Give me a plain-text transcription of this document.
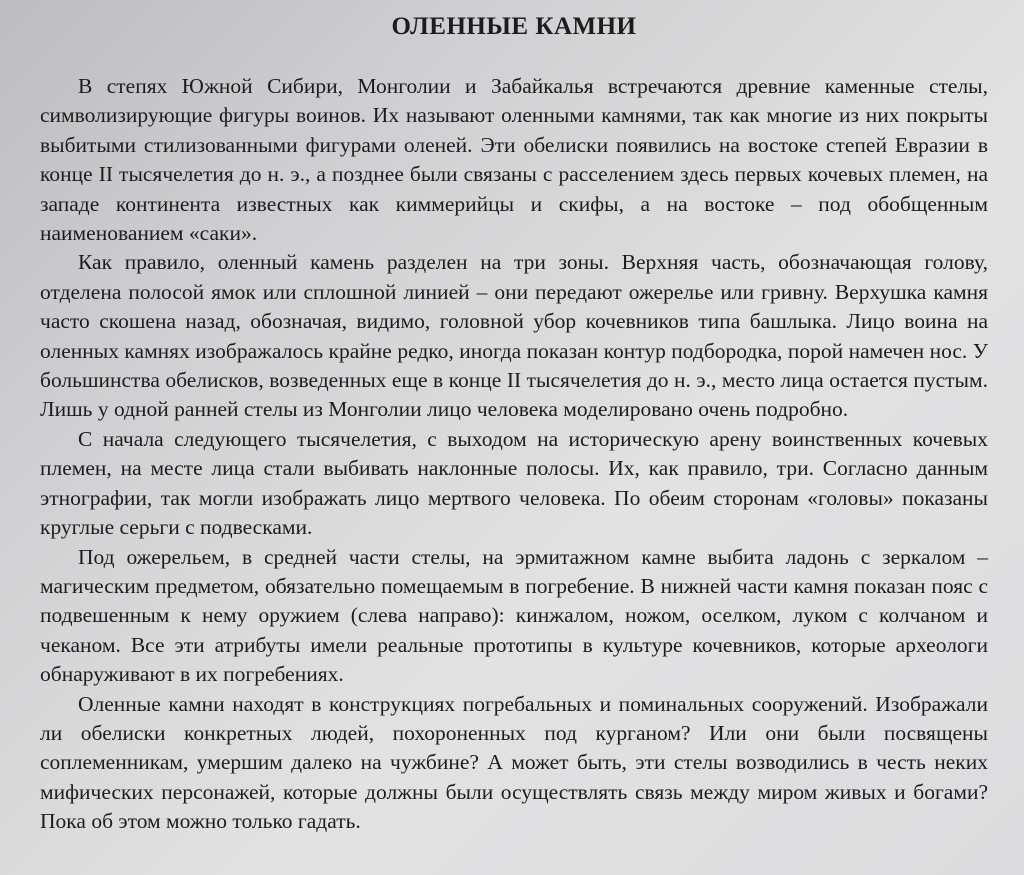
ОЛЕННЫЕ КАМНИ

В степях Южной Сибири, Монголии и Забайкалья встречаются древние каменные стелы, символизирующие фигуры воинов. Их называют оленными камнями, так как многие из них покрыты выбитыми стилизованными фигурами оленей. Эти обелиски появились на востоке степей Евразии в конце II тысячелетия до н. э., а позднее были связаны с расселением здесь первых кочевых племен, на западе континента известных как киммерийцы и скифы, а на востоке – под обобщенным наименованием «саки».

Как правило, оленный камень разделен на три зоны. Верхняя часть, обозначающая голову, отделена полосой ямок или сплошной линией – они передают ожерелье или гривну. Верхушка камня часто скошена назад, обозначая, видимо, головной убор кочевников типа башлыка. Лицо воина на оленных камнях изображалось крайне редко, иногда показан контур подбородка, порой намечен нос. У большинства обелисков, возведенных еще в конце II тысячелетия до н. э., место лица остается пустым. Лишь у одной ранней стелы из Монголии лицо человека моделировано очень подробно.

С начала следующего тысячелетия, с выходом на историческую арену воинственных кочевых племен, на месте лица стали выбивать наклонные полосы. Их, как правило, три. Согласно данным этнографии, так могли изображать лицо мертвого человека. По обеим сторонам «головы» показаны круглые серьги с подвесками.

Под ожерельем, в средней части стелы, на эрмитажном камне выбита ладонь с зеркалом – магическим предметом, обязательно помещаемым в погребение. В нижней части камня показан пояс с подвешенным к нему оружием (слева направо): кинжалом, ножом, оселком, луком с колчаном и чеканом. Все эти атрибуты имели реальные прототипы в культуре кочевников, которые археологи обнаруживают в их погребениях.

Оленные камни находят в конструкциях погребальных и поминальных сооружений. Изображали ли обелиски конкретных людей, похороненных под курганом? Или они были посвящены соплеменникам, умершим далеко на чужбине? А может быть, эти стелы возводились в честь неких мифических персонажей, которые должны были осуществлять связь между миром живых и богами? Пока об этом можно только гадать.
